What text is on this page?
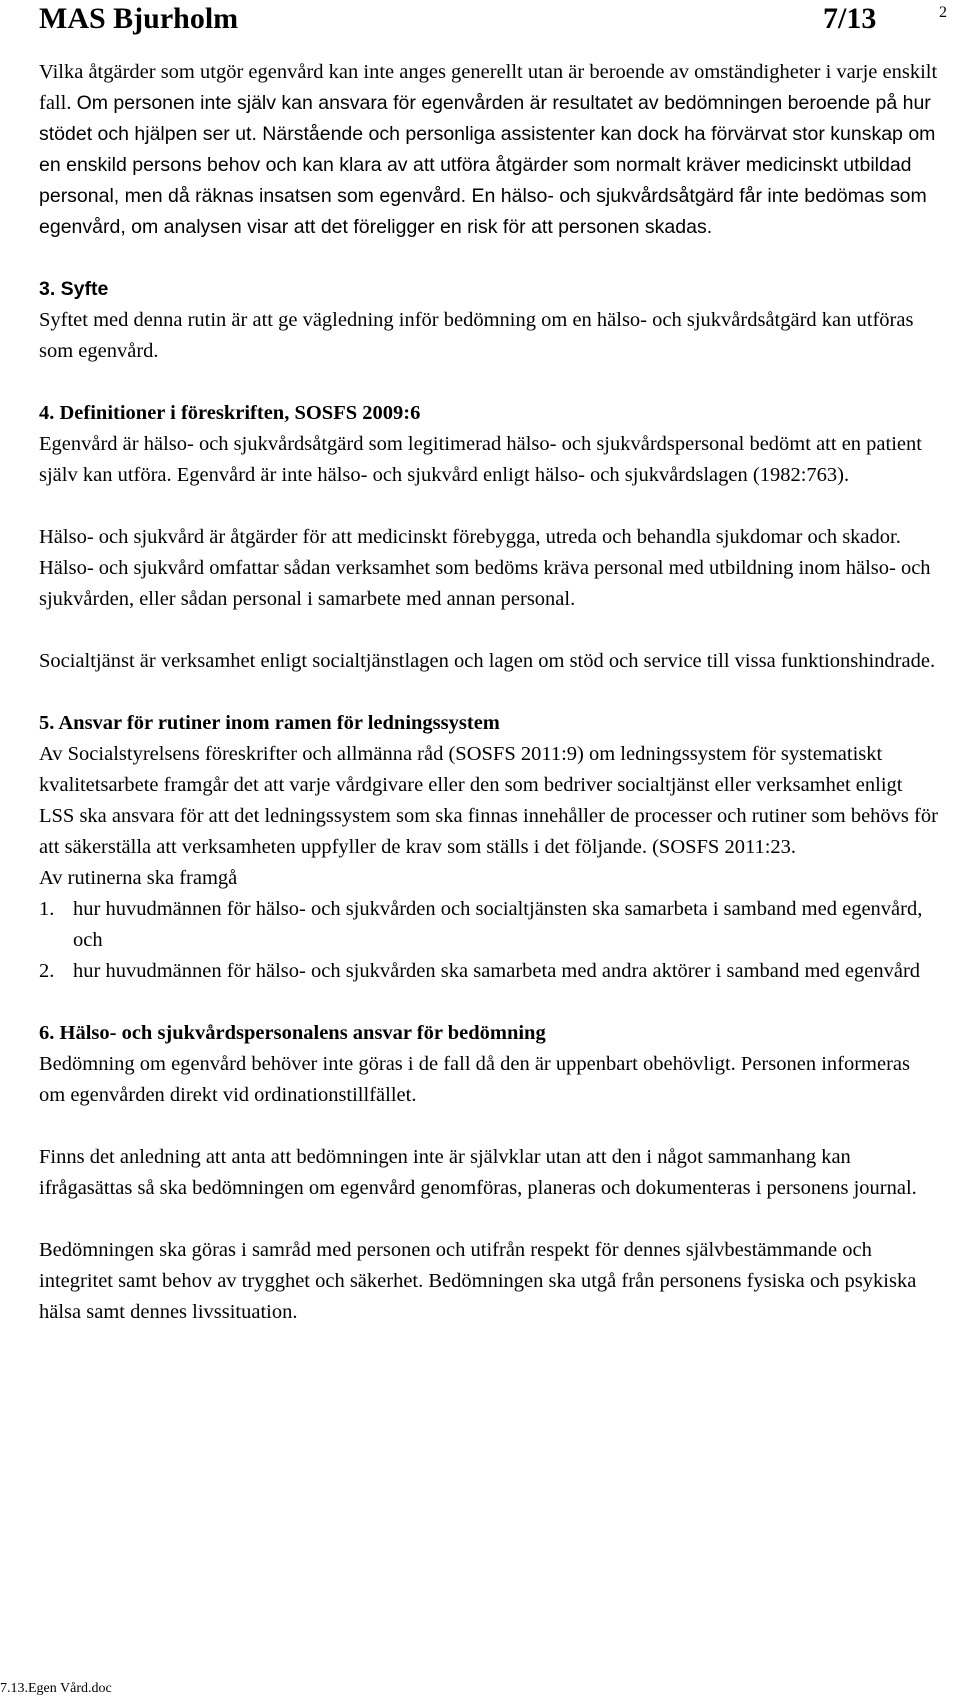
MAS Bjurholm	7/13	2

Vilka åtgärder som utgör egenvård kan inte anges generellt utan är beroende av omständigheter i varje enskilt fall. Om personen inte själv kan ansvara för egenvården är resultatet av bedömningen beroende på hur stödet och hjälpen ser ut. Närstående och personliga assistenter kan dock ha förvärvat stor kunskap om en enskild persons behov och kan klara av att utföra åtgärder som normalt kräver medicinskt utbildad personal, men då räknas insatsen som egenvård. En hälso- och sjukvårdsåtgärd får inte bedömas som egenvård, om analysen visar att det föreligger en risk för att personen skadas.

3. Syfte

Syftet med denna rutin är att ge vägledning inför bedömning om en hälso- och sjukvårdsåtgärd kan utföras som egenvård.

4. Definitioner i föreskriften, SOSFS 2009:6

Egenvård är hälso- och sjukvårdsåtgärd som legitimerad hälso- och sjukvårdspersonal bedömt att en patient själv kan utföra. Egenvård är inte hälso- och sjukvård enligt hälso- och sjukvårdslagen (1982:763).

Hälso- och sjukvård är åtgärder för att medicinskt förebygga, utreda och behandla sjukdomar och skador. Hälso- och sjukvård omfattar sådan verksamhet som bedöms kräva personal med utbildning inom hälso- och sjukvården, eller sådan personal i samarbete med annan personal.

Socialtjänst är verksamhet enligt socialtjänstlagen och lagen om stöd och service till vissa funktionshindrade.

5. Ansvar för rutiner inom ramen för ledningssystem

Av Socialstyrelsens föreskrifter och allmänna råd (SOSFS 2011:9) om ledningssystem för systematiskt kvalitetsarbete framgår det att varje vårdgivare eller den som bedriver socialtjänst eller verksamhet enligt LSS ska ansvara för att det ledningssystem som ska finnas innehåller de processer och rutiner som behövs för att säkerställa att verksamheten uppfyller de krav som ställs i det följande. (SOSFS 2011:23.

Av rutinerna ska framgå

1. hur huvudmännen för hälso- och sjukvården och socialtjänsten ska samarbeta i samband med egenvård, och
2. hur huvudmännen för hälso- och sjukvården ska samarbeta med andra aktörer i samband med egenvård

6. Hälso- och sjukvårdspersonalens ansvar för bedömning

Bedömning om egenvård behöver inte göras i de fall då den är uppenbart obehövligt. Personen informeras om egenvården direkt vid ordinationstillfället.

Finns det anledning att anta att bedömningen inte är självklar utan att den i något sammanhang kan ifrågasättas så ska bedömningen om egenvård genomföras, planeras och dokumenteras i personens journal.

Bedömningen ska göras i samråd med personen och utifrån respekt för dennes självbestämmande och integritet samt behov av trygghet och säkerhet. Bedömningen ska utgå från personens fysiska och psykiska hälsa samt dennes livssituation.

7.13.Egen Vård.doc
